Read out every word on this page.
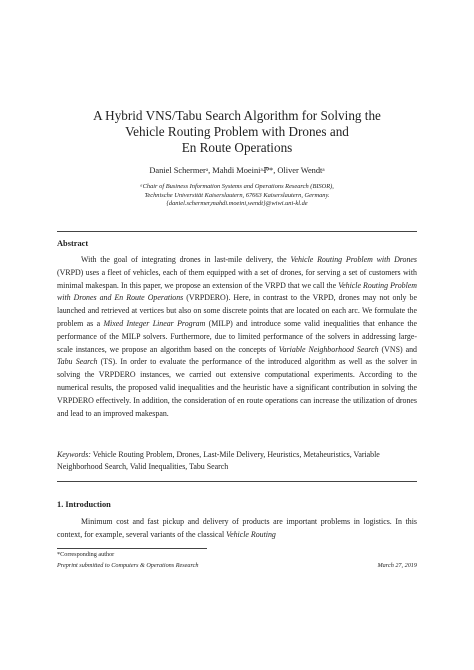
A Hybrid VNS/Tabu Search Algorithm for Solving the
Vehicle Routing Problem with Drones and
En Route Operations
Daniel Schermerᵃ, Mahdi MoeiniᵃⰒ*, Oliver Wendtᵃ
ᵃChair of Business Information Systems and Operations Research (BISOR),
Technische Universität Kaiserslautern, 67663 Kaiserslautern, Germany.
{daniel.schermer,mahdi.moeini,wendt}@wiwi.uni-kl.de
Abstract

With the goal of integrating drones in last-mile delivery, the Vehicle Routing Problem with Drones (VRPD) uses a fleet of vehicles, each of them equipped with a set of drones, for serving a set of customers with minimal makespan. In this paper, we propose an extension of the VRPD that we call the Vehicle Routing Problem with Drones and En Route Operations (VRPDERO). Here, in contrast to the VRPD, drones may not only be launched and retrieved at vertices but also on some discrete points that are located on each arc. We formulate the problem as a Mixed Integer Linear Program (MILP) and introduce some valid inequalities that enhance the performance of the MILP solvers. Furthermore, due to limited performance of the solvers in addressing large-scale instances, we propose an algorithm based on the concepts of Variable Neighborhood Search (VNS) and Tabu Search (TS). In order to evaluate the performance of the introduced algorithm as well as the solver in solving the VRPDERO instances, we carried out extensive computational experiments. According to the numerical results, the proposed valid inequalities and the heuristic have a significant contribution in solving the VRPDERO effectively. In addition, the consideration of en route operations can increase the utilization of drones and lead to an improved makespan.

Keywords: Vehicle Routing Problem, Drones, Last-Mile Delivery, Heuristics, Metaheuristics, Variable Neighborhood Search, Valid Inequalities, Tabu Search
1. Introduction

Minimum cost and fast pickup and delivery of products are important problems in logistics. In this context, for example, several variants of the classical Vehicle Routing

*Corresponding author
Preprint submitted to Computers & Operations Research	March 27, 2019
